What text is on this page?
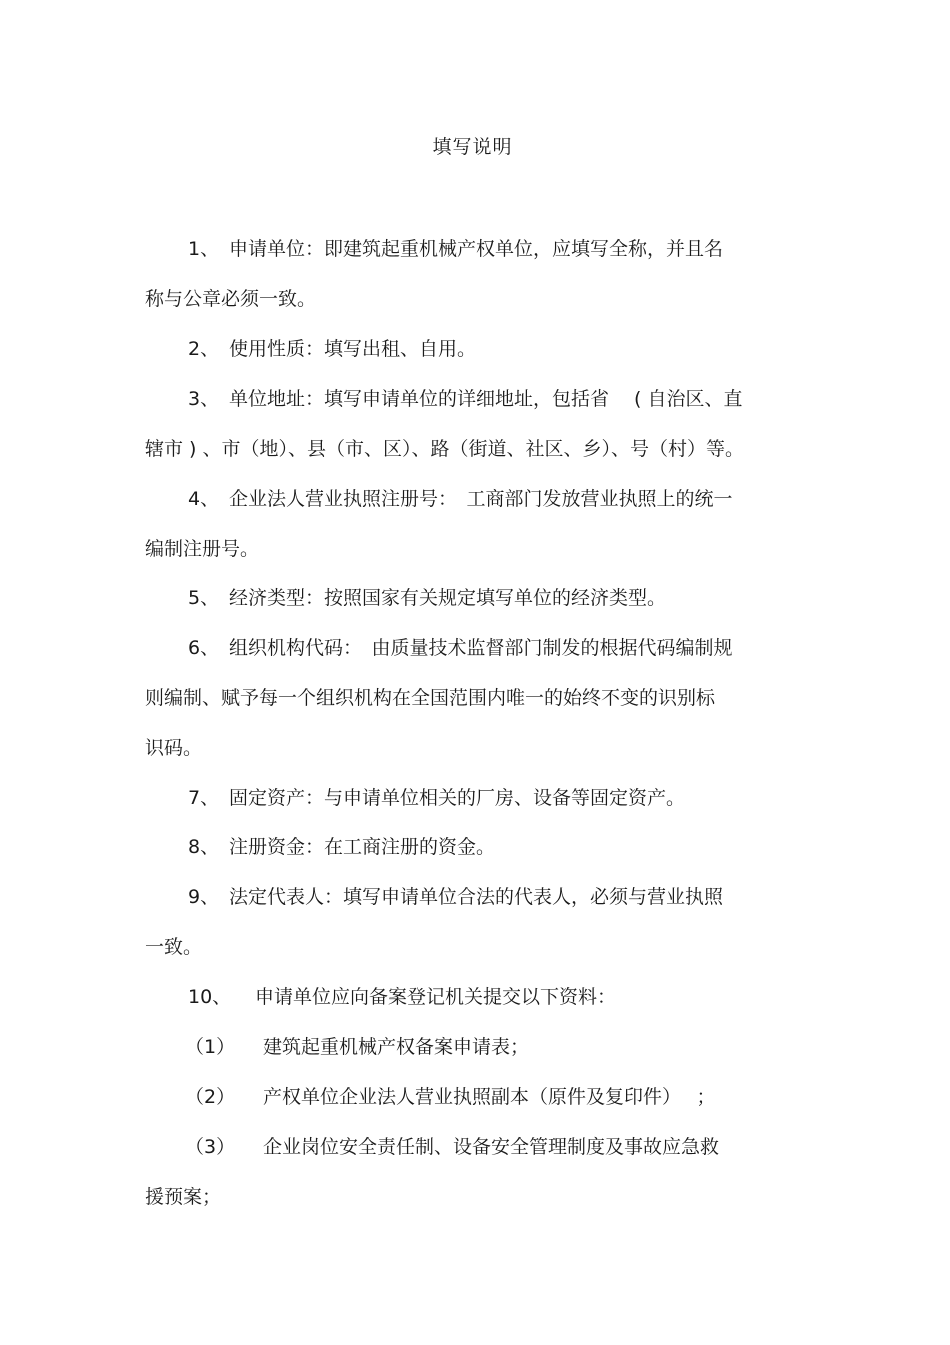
填写说明
1、 申请单位：即建筑起重机械产权单位，应填写全称，并且名
称与公章必须一致。
2、 使用性质：填写出租、自用。
3、 单位地址：填写申请单位的详细地址，包括省　 ( 自治区、直
辖市 ) 、市（地）、县（市、区）、路（街道、社区、乡）、号（村）等。
4、 企业法人营业执照注册号：　工商部门发放营业执照上的统一
编制注册号。
5、 经济类型：按照国家有关规定填写单位的经济类型。
6、 组织机构代码：　由质量技术监督部门制发的根据代码编制规
则编制、赋予每一个组织机构在全国范围内唯一的始终不变的识别标
识码。
7、 固定资产：与申请单位相关的厂房、设备等固定资产。
8、 注册资金：在工商注册的资金。
9、 法定代表人：填写申请单位合法的代表人，必须与营业执照
一致。
10、 申请单位应向备案登记机关提交以下资料：
（1） 建筑起重机械产权备案申请表；
（2） 产权单位企业法人营业执照副本（原件及复印件）　 ；
（3） 企业岗位安全责任制、设备安全管理制度及事故应急救
援预案；
